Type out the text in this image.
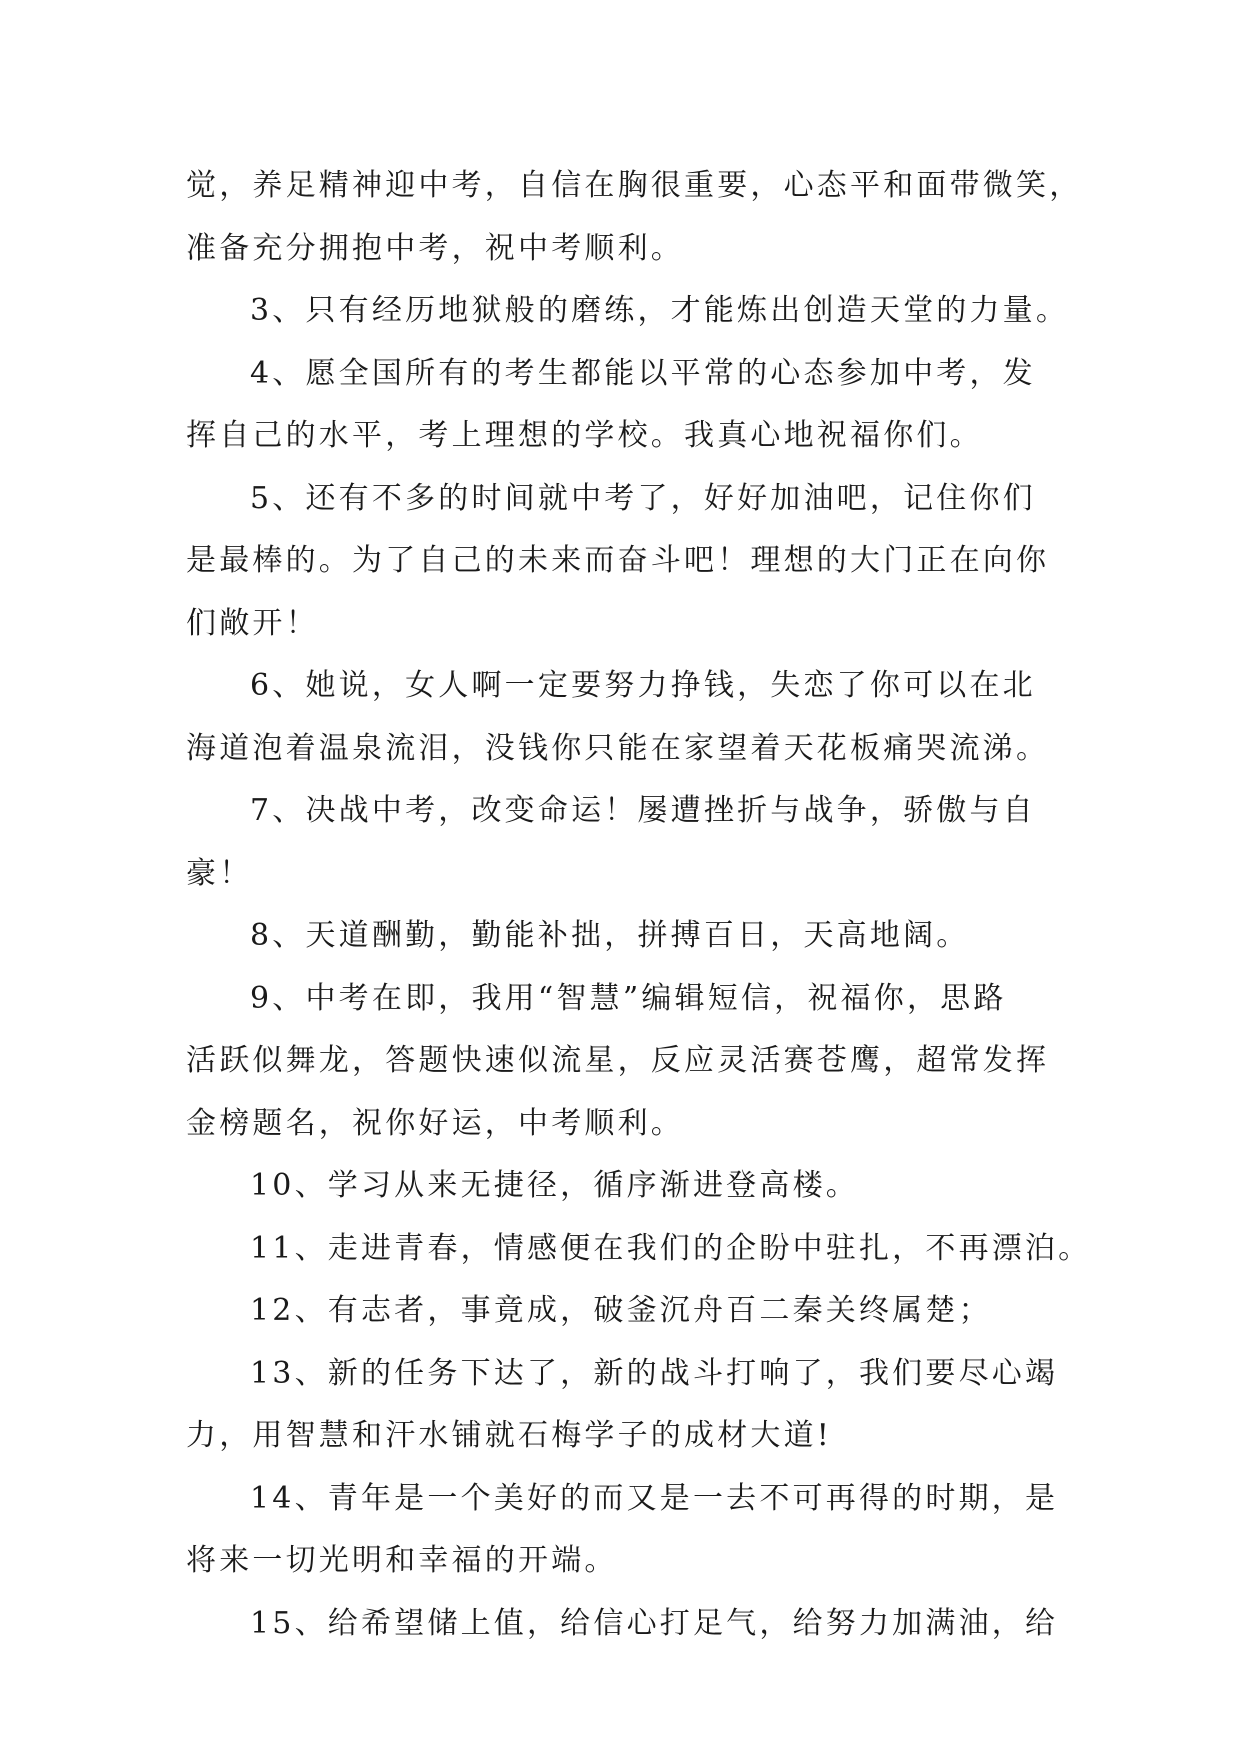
觉，养足精神迎中考，自信在胸很重要，心态平和面带微笑，
准备充分拥抱中考，祝中考顺利。
3、只有经历地狱般的磨练，才能炼出创造天堂的力量。
4、愿全国所有的考生都能以平常的心态参加中考，发
挥自己的水平，考上理想的学校。我真心地祝福你们。
5、还有不多的时间就中考了，好好加油吧，记住你们
是最棒的。为了自己的未来而奋斗吧！理想的大门正在向你
们敞开！
6、她说，女人啊一定要努力挣钱，失恋了你可以在北
海道泡着温泉流泪，没钱你只能在家望着天花板痛哭流涕。
7、决战中考，改变命运！屡遭挫折与战争，骄傲与自
豪！
8、天道酬勤，勤能补拙，拼搏百日，天高地阔。
9、中考在即，我用“智慧”编辑短信，祝福你，思路
活跃似舞龙，答题快速似流星，反应灵活赛苍鹰，超常发挥
金榜题名，祝你好运，中考顺利。
10、学习从来无捷径，循序渐进登高楼。
11、走进青春，情感便在我们的企盼中驻扎，不再漂泊。
12、有志者，事竟成，破釜沉舟百二秦关终属楚；
13、新的任务下达了，新的战斗打响了，我们要尽心竭
力，用智慧和汗水铺就石梅学子的成材大道!
14、青年是一个美好的而又是一去不可再得的时期，是
将来一切光明和幸福的开端。
15、给希望储上值，给信心打足气，给努力加满油，给
